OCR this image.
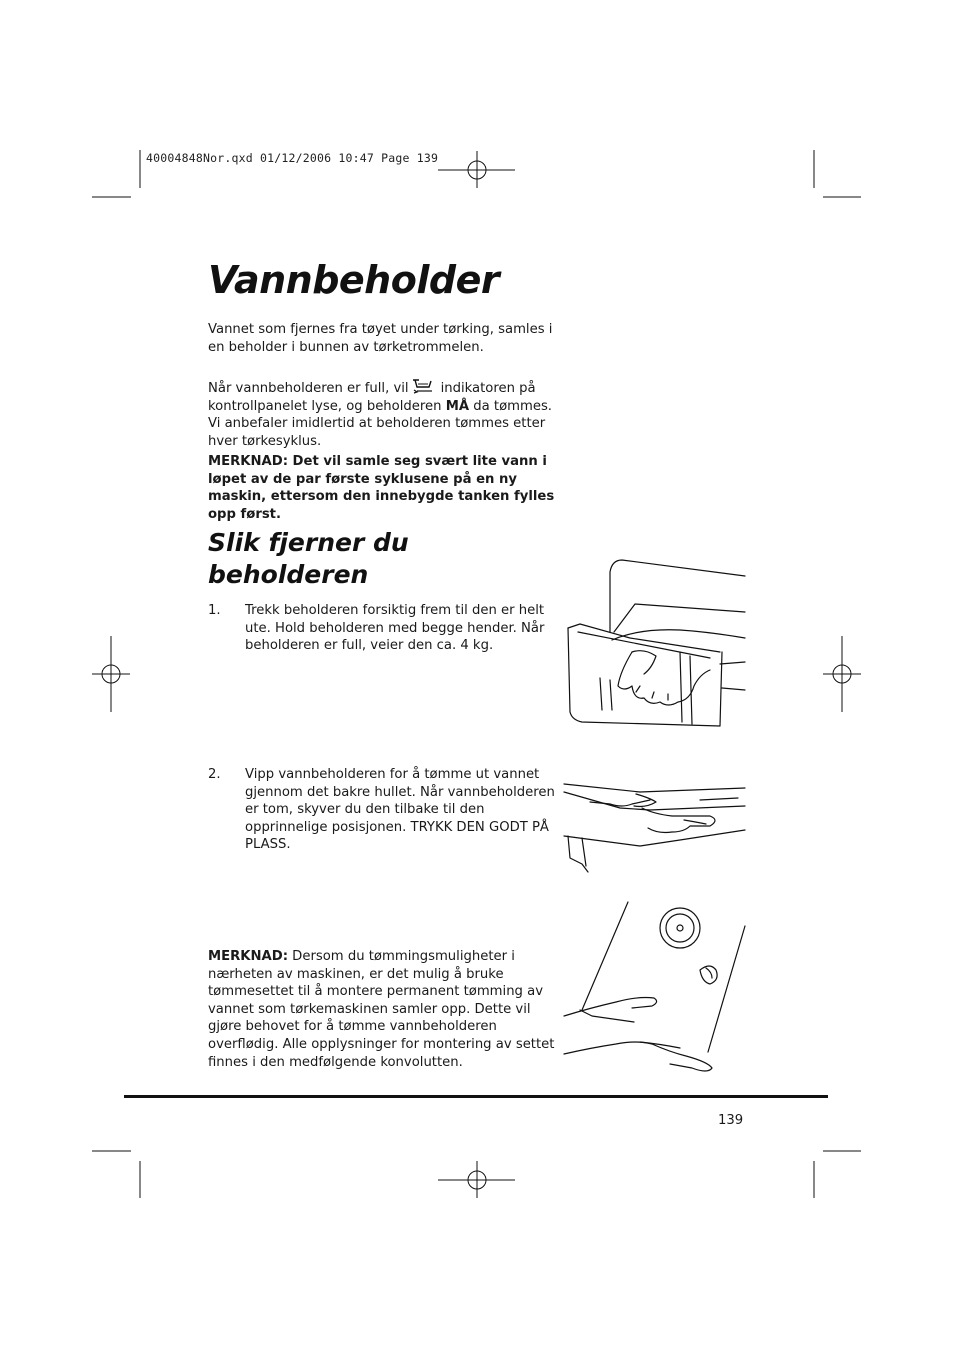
40004848Nor.qxd 01/12/2006 10:47 Page 139
Vannbeholder

Vannet som fjernes fra tøyet under tørking, samles i en beholder i bunnen av tørketrommelen.

Når vannbeholderen er full, vil indikatoren på kontrollpanelet lyse, og beholderen MÅ da tømmes. Vi anbefaler imidlertid at beholderen tømmes etter hver tørkesyklus.

MERKNAD: Det vil samle seg svært lite vann i løpet av de par første syklusene på en ny maskin, ettersom den innebygde tanken fylles opp først.

Slik fjerner du beholderen
1. Trekk beholderen forsiktig frem til den er helt ute. Hold beholderen med begge hender. Når beholderen er full, veier den ca. 4 kg.

2. Vipp vannbeholderen for å tømme ut vannet gjennom det bakre hullet. Når vannbeholderen er tom, skyver du den tilbake til den opprinnelige posisjonen. TRYKK DEN GODT PÅ PLASS.

MERKNAD: Dersom du tømmingsmuligheter i nærheten av maskinen, er det mulig å bruke tømmesettet til å montere permanent tømming av vannet som tørkemaskinen samler opp. Dette vil gjøre behovet for å tømme vannbeholderen overflødig. Alle opplysninger for montering av settet finnes i den medfølgende konvolutten.

139
